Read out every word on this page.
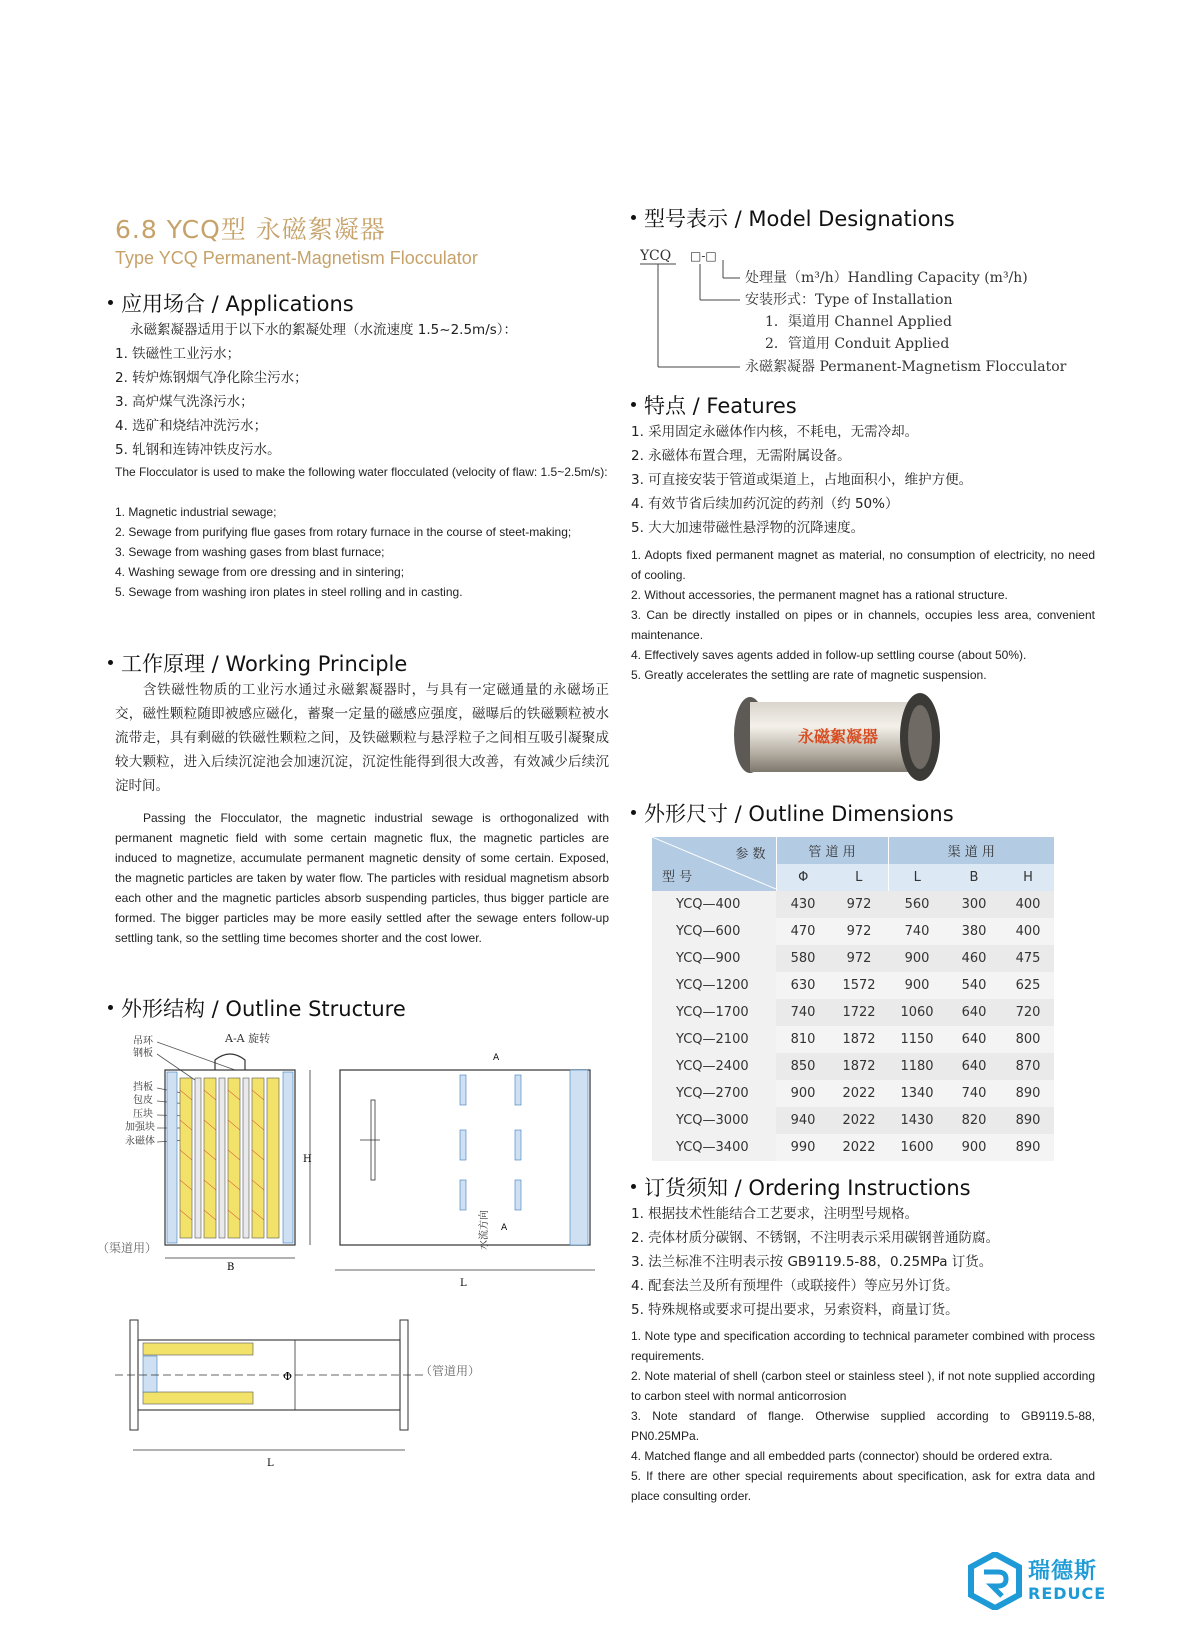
6.8 YCQ型 永磁絮凝器
Type YCQ Permanent-Magnetism Flocculator
应用场合 / Applications
永磁絮凝器适用于以下水的絮凝处理（水流速度 1.5~2.5m/s）：
1. 铁磁性工业污水；
2. 转炉炼钢烟气净化除尘污水；
3. 高炉煤气洗涤污水；
4. 选矿和烧结冲洗污水；
5. 轧钢和连铸冲铁皮污水。
The Flocculator is used to make the following water flocculated (velocity of flaw: 1.5~2.5m/s):
1. Magnetic industrial sewage;
2. Sewage from purifying flue gases from rotary furnace in the course of steet-making;
3. Sewage from washing gases from blast furnace;
4. Washing sewage from ore dressing and in sintering;
5. Sewage from washing iron plates in steel rolling and in casting.
工作原理 / Working Principle
含铁磁性物质的工业污水通过永磁絮凝器时，与具有一定磁通量的永磁场正交，磁性颗粒随即被感应磁化，蓄聚一定量的磁感应强度，磁曝后的铁磁颗粒被水流带走，具有剩磁的铁磁性颗粒之间，及铁磁颗粒与悬浮粒子之间相互吸引凝聚成较大颗粒，进入后续沉淀池会加速沉淀，沉淀性能得到很大改善，有效减少后续沉淀时间。
Passing the Flocculator, the magnetic industrial sewage is orthogonalized with permanent magnetic field with some certain magnetic flux, the magnetic particles are induced to magnetize, accumulate permanent magnetic density of some certain. Exposed, the magnetic particles are taken by water flow. The particles with residual magnetism absorb each other and the magnetic particles absorb suspending particles, thus bigger particle are formed. The bigger particles may be more easily settled after the sewage enters follow-up settling tank, so the settling time becomes shorter and the cost lower.
外形结构 / Outline Structure
吊环
钢板
挡板
包皮
压块
加强块
永磁体
A-A 旋转
B
（渠道用）
H
L
水流方向
A
A
Φ
L
（管道用）
型号表示 / Model Designations
YCQ □-□
处理量（m³/h）Handling Capacity (m³/h)
安装形式：Type of Installation
1．渠道用 Channel Applied
2．管道用 Conduit Applied
永磁絮凝器 Permanent-Magnetism Flocculator
特点 / Features
1. 采用固定永磁体作内核，不耗电，无需冷却。
2. 永磁体布置合理，无需附属设备。
3. 可直接安装于管道或渠道上，占地面积小，维护方便。
4. 有效节省后续加药沉淀的药剂（约 50%）
5. 大大加速带磁性悬浮物的沉降速度。
1. Adopts fixed permanent magnet as material, no consumption of electricity, no need of cooling.
2. Without accessories, the permanent magnet has a rational structure.
3. Can be directly installed on pipes or in channels, occupies less area, convenient maintenance.
4. Effectively saves agents added in follow-up settling course (about 50%).
5. Greatly accelerates the settling are rate of magnetic suspension.
永磁絮凝器
外形尺寸 / Outline Dimensions
参 数
型 号	管 道 用		渠 道 用		
	Φ	L	L	B	H
YCQ—400	430	972	560	300	400
YCQ—600	470	972	740	380	400
YCQ—900	580	972	900	460	475
YCQ—1200	630	1572	900	540	625
YCQ—1700	740	1722	1060	640	720
YCQ—2100	810	1872	1150	640	800
YCQ—2400	850	1872	1180	640	870
YCQ—2700	900	2022	1340	740	890
YCQ—3000	940	2022	1430	820	890
YCQ—3400	990	2022	1600	900	890
订货须知 / Ordering Instructions
1. 根据技术性能结合工艺要求，注明型号规格。
2. 壳体材质分碳钢、不锈钢，不注明表示采用碳钢普通防腐。
3. 法兰标准不注明表示按 GB9119.5-88，0.25MPa 订货。
4. 配套法兰及所有预埋件（或联接件）等应另外订货。
5. 特殊规格或要求可提出要求，另索资料，商量订货。
1. Note type and specification according to technical parameter combined with process requirements.
2. Note material of shell (carbon steel or stainless steel ), if not note supplied according to carbon steel with normal anticorrosion
3. Note standard of flange. Otherwise supplied according to GB9119.5-88, PN0.25MPa.
4. Matched flange and all embedded parts (connector) should be ordered extra.
5. If there are other special requirements about specification, ask for extra data and place consulting order.
瑞德斯
REDUCE
